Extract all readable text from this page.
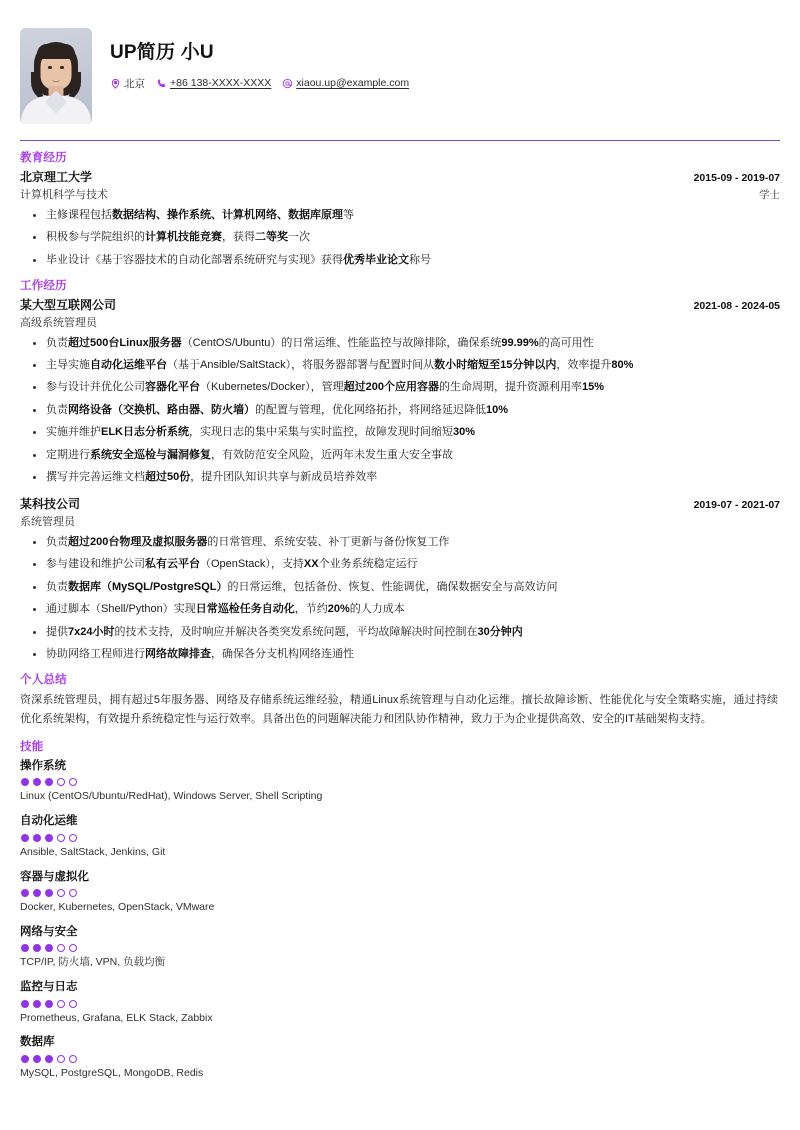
UP简历 小U
北京 +86 138-XXXX-XXXX xiaou.up@example.com
教育经历
北京理工大学	2015-09 - 2019-07
计算机科学与技术	学士
主修课程包括数据结构、操作系统、计算机网络、数据库原理等
积极参与学院组织的计算机技能竞赛，获得二等奖一次
毕业设计《基于容器技术的自动化部署系统研究与实现》获得优秀毕业论文称号
工作经历
某大型互联网公司	2021-08 - 2024-05
高级系统管理员
负责超过500台Linux服务器（CentOS/Ubuntu）的日常运维、性能监控与故障排除，确保系统99.99%的高可用性
主导实施自动化运维平台（基于Ansible/SaltStack），将服务器部署与配置时间从数小时缩短至15分钟以内，效率提升80%
参与设计并优化公司容器化平台（Kubernetes/Docker），管理超过200个应用容器的生命周期，提升资源利用率15%
负责网络设备（交换机、路由器、防火墙）的配置与管理，优化网络拓扑，将网络延迟降低10%
实施并维护ELK日志分析系统，实现日志的集中采集与实时监控，故障发现时间缩短30%
定期进行系统安全巡检与漏洞修复，有效防范安全风险，近两年未发生重大安全事故
撰写并完善运维文档超过50份，提升团队知识共享与新成员培养效率
某科技公司	2019-07 - 2021-07
系统管理员
负责超过200台物理及虚拟服务器的日常管理、系统安装、补丁更新与备份恢复工作
参与建设和维护公司私有云平台（OpenStack），支持XX个业务系统稳定运行
负责数据库（MySQL/PostgreSQL）的日常运维，包括备份、恢复、性能调优，确保数据安全与高效访问
通过脚本（Shell/Python）实现日常巡检任务自动化，节约20%的人力成本
提供7x24小时的技术支持，及时响应并解决各类突发系统问题，平均故障解决时间控制在30分钟内
协助网络工程师进行网络故障排查，确保各分支机构网络连通性
个人总结
资深系统管理员，拥有超过5年服务器、网络及存储系统运维经验，精通Linux系统管理与自动化运维。擅长故障诊断、性能优化与安全策略实施，通过持续优化系统架构，有效提升系统稳定性与运行效率。具备出色的问题解决能力和团队协作精神，致力于为企业提供高效、安全的IT基础架构支持。
技能
操作系统
Linux (CentOS/Ubuntu/RedHat), Windows Server, Shell Scripting
自动化运维
Ansible, SaltStack, Jenkins, Git
容器与虚拟化
Docker, Kubernetes, OpenStack, VMware
网络与安全
TCP/IP, 防火墙, VPN, 负载均衡
监控与日志
Prometheus, Grafana, ELK Stack, Zabbix
数据库
MySQL, PostgreSQL, MongoDB, Redis
